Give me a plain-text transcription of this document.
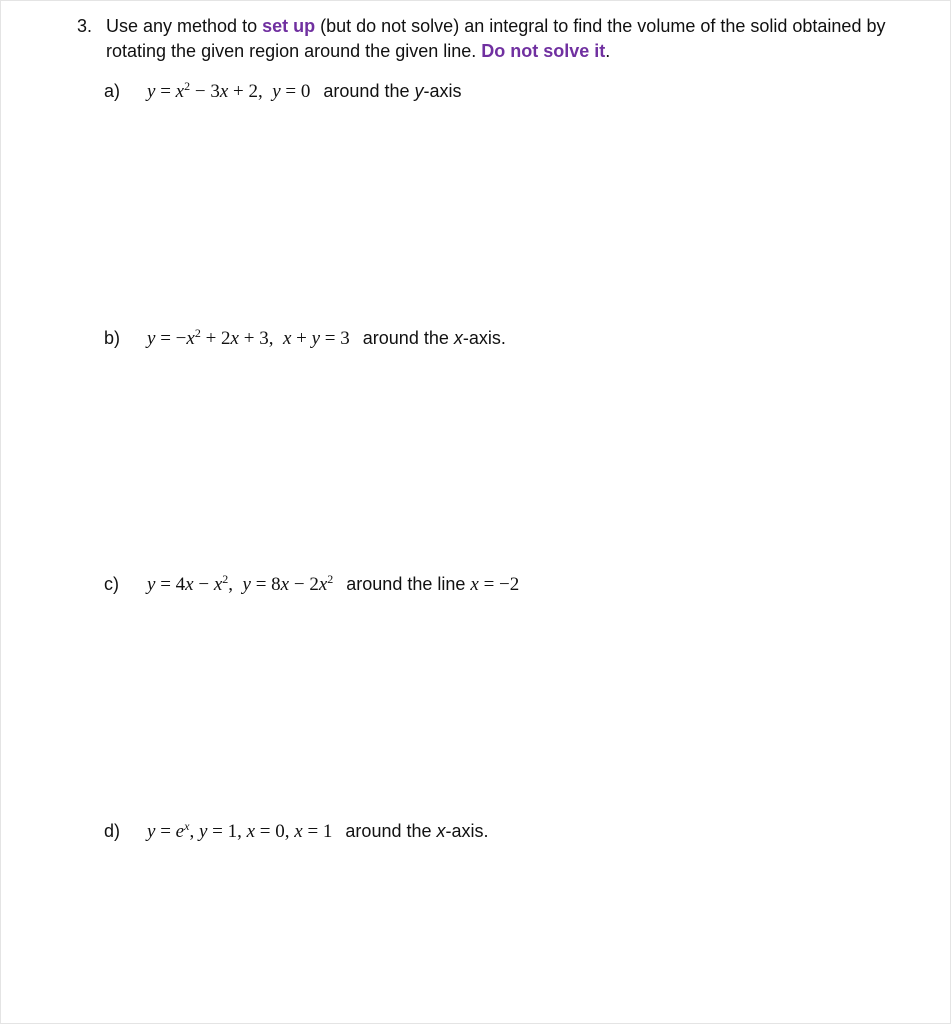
3. Use any method to set up (but do not solve) an integral to find the volume of the solid obtained by rotating the given region around the given line. Do not solve it.
a) $y = x^2 - 3x + 2$,  y = 0 around the y-axis
b) $y = -x^2 + 2x + 3$,  x + y = 3 around the x-axis.
c) $y = 4x - x^2$,  $y = 8x - 2x^2$ around the line x = −2
d) $y = e^x$, y = 1, x = 0, x = 1 around the x-axis.
